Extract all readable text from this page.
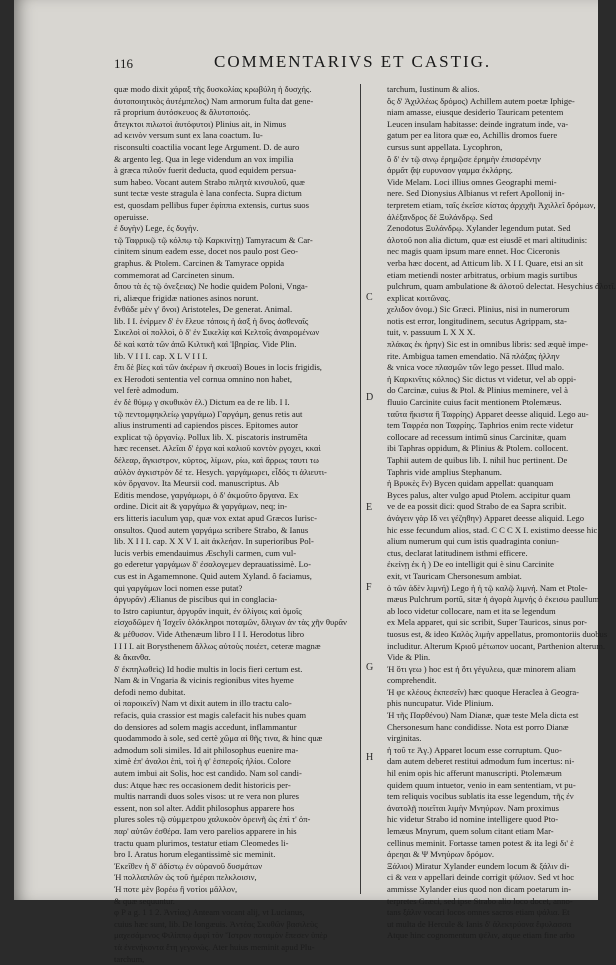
116	COMMENTARIVS ET CASTIG.
quæ modo dixit χάραξ τῆς δυσκολίας κρωβύλη ἡ δυσχής.
ἀυτοποιητικὸς ἀυτέμπελος) Nam armorum fulta dat gene-
rā proprium ἀυτόσκευος & ἄλυτοποιός.
ἄτεγκτοι πιλωτοὶ ἀυτόφυτοι) Plinius ait, in Nimus
ad κεινὸν versum sunt ex lana coactum. Iu-
risconsulti coactilia vocant lege Argument. D. de auro
& argento leg. Qua in lege videndum an vox impilia
à græca πιλοῦν fuerit deducta, quod equidem persua-
sum habeo. Vocant autem Strabo πιλητὰ κινσυλοῦ, quæ
sunt tectæ veste stragula è lana confecta. Supra dictum
est, quosdam pellibus fuper ἐφίππιa extensis, curtus suos
operuisse.
ἐ δυγὴν) Lege, ἐς δυγὴν.
τῷ Ταφρικῷ τῷ κόλπῳ τῷ Καρκινίτῃ) Tamyracum & Car-
cinitem sinum eadem esse, docet nos paulo post Geo-
graphus. & Ptolem. Carcinen & Tamyrace oppida
commemorat ad Carcineten sinum.
ὅπου τὰ ἐς τῷ ὀνεξειας) Ne hodie quidem Poloni, Vnga-
ri, aliæque frigidæ nationes asinos norunt.
ἔνθάδε μὲν γ' ὄνοι) Aristoteles, De generat. Animal.
lib. I I. ἐνίρμεν δ' ἐν ἔλευε τόποις ἡ ἀσξ ἡ ὄνος ἀσθεναῖς
Σικελοὶ οἱ πολλοὶ, ὁ δ' ἐν Σικελίᾳ καὶ Κελτοῖς ἀναιρομένων
δὲ καὶ κατὰ τῶν ἀπῶ Κιλτικῆ καὶ Ἰβηρίας. Vide Plin.
lib. V I I I. cap. X L V I I I.
ἔπι δὲ βίες καὶ τῶν ἀκέρων ἡ σκευαὶ) Boues in locis frigidis,
ex Herodoti sententia vel cornua omnino non habet,
vel ferè admodum.
ἐν δὲ θύμῳ γ σκυθικὸν ἐλ.) Dictum ea de re lib. I I.
τῷ πεντομφηκλείῳ γαργάμω) Γαργάμη, genus retis aut
alius instrumenti ad capiendos pisces. Epitomes autor
explicat τῷ ὀργανίῳ. Pollux lib. X. piscatoris instrumēta
hæc recenset. Αλεῖαι δ' ἐργα καὶ καλιοῦ κοντὸν ργοχει, κκαὶ
δέλεαρ, ἅγκιστρον, κύρτος, λίμων, ρίω, καὶ ἄρρως ταυτι τω
αὐλὸν ἀγκιστρὸν δέ τε. Hesych. γαργάμωρει, εἶδός τι ἀλιευτι-
κὸν ὅργανον. Ita Meursii cod. manuscriptus. Ab
Editis mendose, γαργάμωρι, ὁ δ' ἀκμοῦτο ὅργανα. Ex
ordine. Dicit ait & γαργάμω & γαργάμων, neq; in-
ers litteris iaculum γαρ, quæ vox extat apud Græcos Iurisc-
onsultos. Quod autem γαργάμω scribere Strabo, & Ianus
lib. X I I I. cap. X X V I. ait ἀκλεήαν. In superioribus Pol-
lucis verbis emendauimus Æschyli carmen, cum vul-
go ederetur γαργάμων δ' ἐσαλογεμεν deprauatissimè. Lo-
cus est in Agamemnone. Quid autem Xyland. ô faciamus,
qui γαργάμων loci nomen esse putat?
ἀργυρᾶν) Ælianus de piscibus qui in conglacia-
to Istro capiuntur, ἀργυρᾶν inquit, ἐν ὀλίγοις καὶ ὁμοῖς
εἰσχοδῶμεν ἡ Ἰσχεῖν ὁλόκληροι ποταμῶν, ὄλιγων ἀν τὰς χῆν θυρᾶν
& μέθυσον. Vide Athenæum libro I I I. Herodotus libro
I I I I. ait Borysthenem ἄλλως αὐτοὺς ποιέετ, ceteræ magnæ
& ἄκανθα.
δ' ἐκπηλωθεὶς) Id hodie multis in locis fieri certum est.
Nam & in Vngaria & vicinis regionibus vites hyeme
defodi nemo dubitat.
οἱ παροικεῖν) Nam vt dixit autem in illo tractu calo-
refacis, quia crassior est magis calefacit his nubes quam
do densiores ad solem magis accedunt, inflammantur
quodammodo à sole, sed certè χῶμα αἰ θῆς τινα, & hinc quæ
admodum soli similes. Id ait philosophus euenire ma-
ximè ἐπ' ἀναλοι ἑπὶ, τοὶ ἡ φ' ἑσπεροῖς ἡλίοι. Colore
autem imbui ait Solis, hoc est candido. Nam sol candi-
dus: Atque hæc res occasionem dedit historicis per-
multis narrandi duos soles visos: ut re vera non plures
essent, non sol alter. Addit philosophus apparere hos
plures soles τῷ σύμμετρου χαλυκοὸν ὁρεινῆ ὡς ἐπὶ τ' ὀπ-
παρ' αὐτῶν ἐσθέρα. Iam vero parelios apparere in his
tractu quam plurimos, testatur etiam Cleomedes li-
bro I. Aratus horum elegantissimè sic meminit.
Ἐκεῖθεν ἡ δ' ἀδίστῳ ἐν οὐρανοῦ δυσμάτων
Ἡ πολλαπλῶν ὡς τοῦ ἡμέραι πελκλοισιν,
Ἡ ποτε μὲν βορέω ἢ νοτίοι μᾶλλον,
& quæ sequuntur.
φ P a g. 1 1 2. Ἀντίας) Anteam vocant alij, vt Lucianus,
cuius hæc sunt, lib. De longæuis. Ἀντέας Σκυθῶν βασιλεὺς
μαχεσάμενος Φιλίππῳ ἀμφὶ τὸν Ἴστρον ποταμὸν ἔπεσεν ὑπὲρ
τὰ ἐνενήκοντα ἔτη γεγονώς. Ater huius meminit apud Plu-
tarchum,
C
D
E
F
G
H
tarchum, Iustinum & alios.
ὅς δ' Ἀχιλλέως δρόμος) Achillem autem poetæ Iphige-
niam amasse, eiusque desiderio Tauricam petentem
Leucen insulam habitasse: deinde ingratum inde, va-
gatum per ea litora quæ eo, Achillis dromos fuere
cursus sunt appellata. Lycophron,
ὃ δ' ἐν τῷ σινῳ ἐρημῷσε ἐρημὴν ἐπισαρένην
ἀρμᾶτ ᾄψ ευρυναον γαμμα ἐκλάρης.
Vide Melam. Loci illius omnes Geographi memi-
nere. Sed Dionysius Albianus vt refert Apollonij in-
terpretem etiam, ταῖς ἐκεῖσε κίστας ἀρχιχῆι Ἀχιλλεῖ δρόμων,
ἀλέξανδρος δὲ Ξυλάνδρῳ. Sed
Zenodotus Ξυλάνδρῳ. Xylander legendum putat. Sed
ἀλοτοῦ non alia dictum, quæ est eiusdē et mari altitudinis:
nec magis quam ipsum mare ennet. Hoc Ciceronis
verba hæc docent, ad Atticum lib. X I I. Quare, etsi an sit
etiam metiendi noster arbitratus, orbium magis surtibus
pulchrum, quam ambulatione & ἀλοτοῦ delectat. Hesychius ἀλοτῖ.
explicat κοιτῶνας.
χελιδον ὀνομ.) Sic Græci. Plinius, nisi in numerorum
notis est error, longitudinem, secutus Agrippam, sta-
tuit, v. passuum L X X X.
πλάκας ἐκ ἡρην) Sic est in omnibus libris: sed æquè impe-
rite. Ambigua tamen emendatio. Nā πλάξας ἡλλην
& vnica voce πλασμῶν τῶν lego pesset. Illud malo.
ἡ Καρκινῖτις κόλπος) Sic dictus vt videtur, vel ab oppi-
do Carcinæ, cuius & Ptol. & Plinius meminere, vel à
fluuio Carcinite cuius facit mentionem Ptolemæus.
ταῦτα ἥκιστα ἢ Ταφρίης) Apparet deesse aliquid. Lego au-
tem Ταφρέα non Ταφρίης. Taphrios enim recte videtur
collocare ad recessum intimū sinus Carcinitæ, quam
ibi Taphras oppidum, & Plinius & Ptolem. collocent.
Taphii autem de quibus lib. I. nihil huc pertinent. De
Taphris vide amplius Stephanum.
ἡ Βρυκὲς ἔν) Bycen quidam appellat: quanquam
Byces palus, alter vulgo apud Ptolem. accipitur quam
ve de ea possit dici: quod Strabo de ea Sapra scribit.
ἀνάγειν γὰρ Ιδ νει γέζηθην) Apparet deesse aliquid. Lego
hic esse fecundum alios, stad. C C C X I. existimo deesse hic
alium numerum qui cum istis quadraginta coniun-
ctus, declarat latitudinem isthmi efficere.
ἐκείνῃ ἐκ ἡ ) De eo intelligit qui è sinu Carcinite
exit, vt Tauricam Chersonesum ambiat.
ὁ τῶν ἀδὲν λιμνή) Lego ἡ ἡ τῷ καλῷ λιμνή. Nam et Ptole-
mæus Pulchrum portū, sitæ ἡ ἀγορὰ λιμνής ὁ ἐκεισω paullum
ab loco videtur collocare, nam et ita se legendum
ex Mela apparet, qui sic scribit, Super Tauricos, sinus por-
tuosus est, & ideo Καλὸς λιμὴν appellatus, promontoriis duobus
includitur. Alterum Κριοῦ μέτωπον uocant, Parthenion alterum.
Vide & Plin.
Ἡ ὅτι γεω ) hoc est ἡ ὅτι γέγυλεω, quæ minorem aliam
comprehendit.
Ἡ φε κλέους ἐκπεσεῖν) hæc quoque Heraclea à Geogra-
phis nuncupatur. Vide Plinium.
Ἡ τῆς Παρθένου) Nam Dianæ, quæ teste Mela dicta est
Chersonesum hanc condidisse. Nota est porro Dianæ
virginitas.
ἡ τοῦ τε Ἀγ.) Apparet locum esse corruptum. Quo-
dam autem deberet restitui admodum fum incertus: ni-
hil enim opis hic afferunt manuscripti. Ptolemæum
quidem quum intuetor, venio in eam sententiam, vt pu-
tem reliquis vocibus sublatis ita esse legendum, τῆς ἐν
ἀνατολῇ ποιεῖται λιμὴν Μνηύρων. Nam proximus
hic videtur Strabo id nomine intelligere quod Pto-
lemæus Mnyrum, quem solum citant etiam Mar-
cellinus meminit. Fortasse tamen potest & ita legi δι' ἑ
ἀρεηαι & Ψ Μνηύρων δρόμον.
Ξάλιοι) Miratur Xylander eundem locum & ξάλιν di-
ci & νεα ν appellari deinde corrigit ψάλιον. Sed vt hoc
ammisse Xylander eius quod non dicam poetarum in-
terpretes Græci, sed ipse Strabo alio loco docet, anno-
tans ξάλιν vocari locos omnes sacros etiam ψάλια. Et
ut multa de Hercule & Ianis δ' ἀλεκτρύονα ἔφυλασσα
Atque hinc cognomentum ψέλιν, atque etiam fine arbo
